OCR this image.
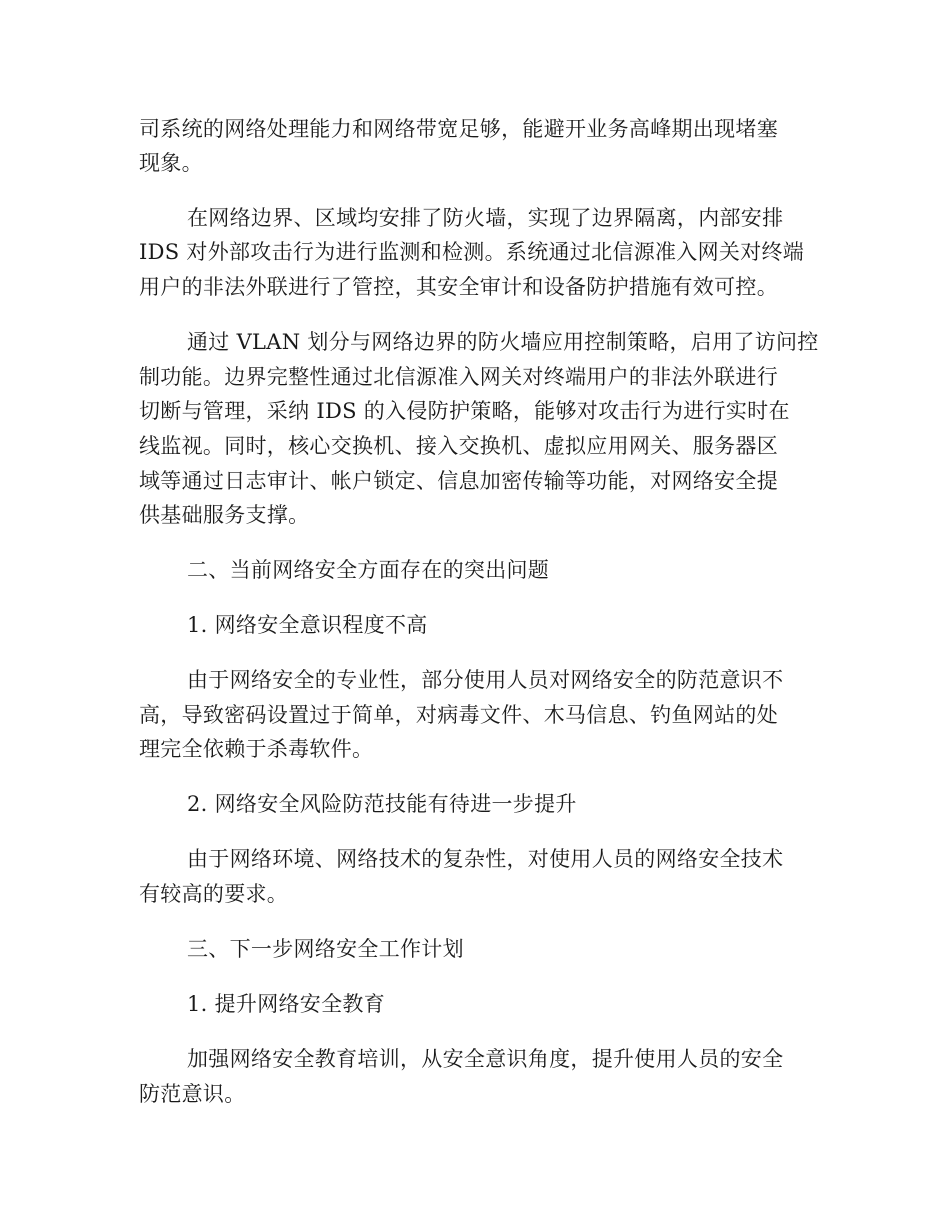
司系统的网络处理能力和网络带宽足够，能避开业务高峰期出现堵塞
现象。
在网络边界、区域均安排了防火墙，实现了边界隔离，内部安排
IDS 对外部攻击行为进行监测和检测。系统通过北信源准入网关对终端
用户的非法外联进行了管控，其安全审计和设备防护措施有效可控。
通过 VLAN 划分与网络边界的防火墙应用控制策略，启用了访问控
制功能。边界完整性通过北信源准入网关对终端用户的非法外联进行
切断与管理，采纳 IDS 的入侵防护策略，能够对攻击行为进行实时在
线监视。同时，核心交换机、接入交换机、虚拟应用网关、服务器区
域等通过日志审计、帐户锁定、信息加密传输等功能，对网络安全提
供基础服务支撑。
二、当前网络安全方面存在的突出问题
1. 网络安全意识程度不高
由于网络安全的专业性，部分使用人员对网络安全的防范意识不
高，导致密码设置过于简单，对病毒文件、木马信息、钓鱼网站的处
理完全依赖于杀毒软件。
2. 网络安全风险防范技能有待进一步提升
由于网络环境、网络技术的复杂性，对使用人员的网络安全技术
有较高的要求。
三、下一步网络安全工作计划
1. 提升网络安全教育
加强网络安全教育培训，从安全意识角度，提升使用人员的安全
防范意识。
